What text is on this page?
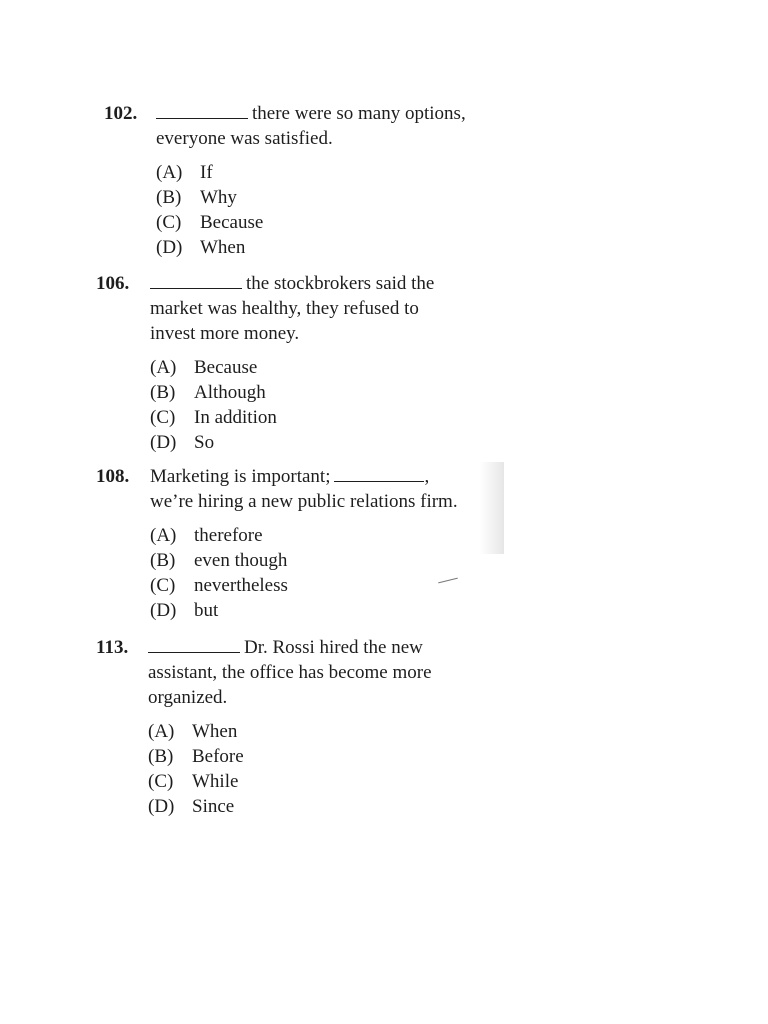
102.	there were so many options,
everyone was satisfied.
(A) If
(B) Why
(C) Because
(D) When
106.	the stockbrokers said the
market was healthy, they refused to
invest more money.
(A) Because
(B) Although
(C) In addition
(D) So
108. Marketing is important;	,
we’re hiring a new public relations firm.
(A) therefore
(B) even though
(C) nevertheless
(D) but
113.	Dr. Rossi hired the new
assistant, the office has become more
organized.
(A) When
(B) Before
(C) While
(D) Since
